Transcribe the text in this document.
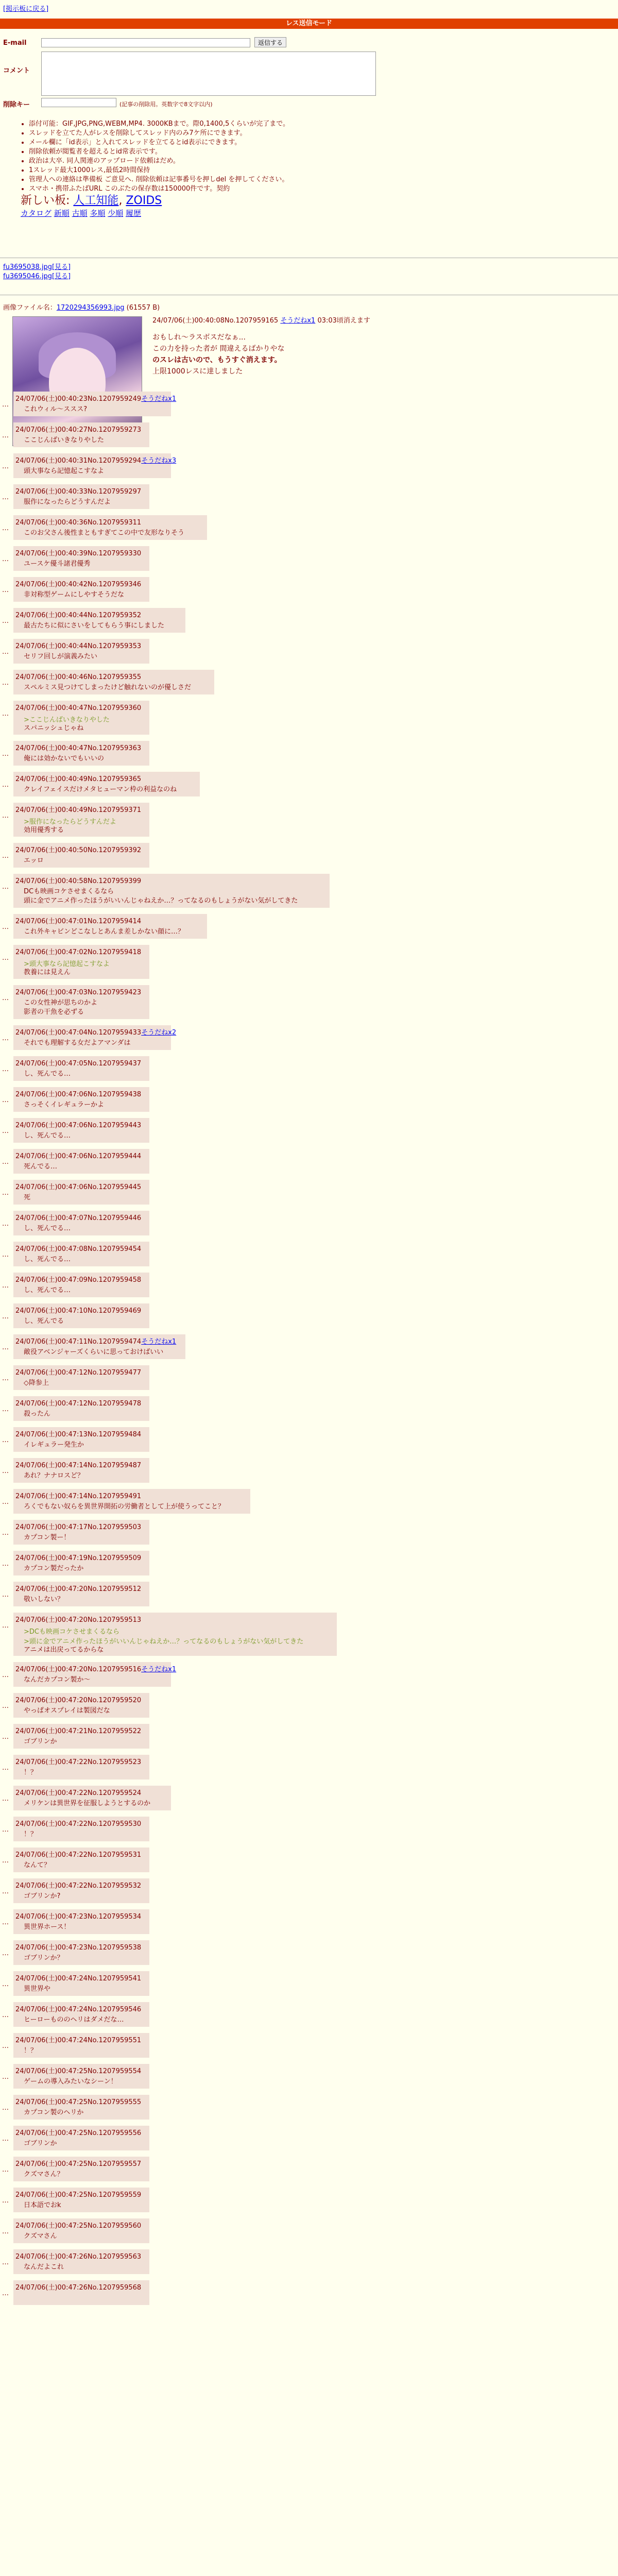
[掲示板に戻る]
レス送信モード
E-mail	返信する
コメント
削除キー	(記事の削除用。英数字で8文字以内)
• 添付可能：GIF,JPG,PNG,WEBM,MP4. 3000KBまで。際0,1400,5くらいが完了まで。
• スレッドを立てた人がレスを削除してスレッド内のみ7ケ所にできます。
• メール欄に「id表示」と入れてスレッドを立てるとid表示にできます。
• 削除依頼が閲覧者を超えるとid常表示です。
• 政治は大卒. 同人関連のアップロード依頼はだめ。
• 1スレッド最大1000レス,最低2時間保持
• 管理人への連絡は準備板 ご意見へ. 削除依頼は記事番号を押しdel を押してください。
• スマホ・携帯ふたばURL このぶたの保存数は150000件です。契約
新しい板: 人工知能, ZOIDS
カタログ 新順 古順 多順 少順 履歴
fu3695038.jpg[見る]
fu3695046.jpg[見る]
画像ファイル名：1720294356993.jpg (61557 B)
24/07/06(土)00:40:08No.1207959165 そうだねx1 03:03頃消えます
おもしれ〜ラスボスだなぁ...
この力を持った者が 間違えるばかりやな
のスレは古いので、もうすぐ消えます。
上限1000レスに達しました
…
24/07/06(土)00:40:23No.1207959249そうだねx1
これウィル〜ススス?
…
24/07/06(土)00:40:27No.1207959273
ここじんばいきなりやした
…
24/07/06(土)00:40:31No.1207959294そうだねx3
頭大事なら記憶起こすなよ
…
24/07/06(土)00:40:33No.1207959297
服作になったらどうすんだよ
…
24/07/06(土)00:40:36No.1207959311
このお父さん後性まともすぎてこの中で友形なりそう
…
24/07/06(土)00:40:39No.1207959330
ユースケ優斗諸君優秀
…
24/07/06(土)00:40:42No.1207959346
非対称型ゲームにしやすそうだな
…
24/07/06(土)00:40:44No.1207959352
最古たちに似にさいをしてもらう事にしました
…
24/07/06(土)00:40:44No.1207959353
セリフ回しが演義みたい
…
24/07/06(土)00:40:46No.1207959355
スペルミス見つけてしまったけど触れないのが優しさだ
…
24/07/06(土)00:40:47No.1207959360
>ここじんばいきなりやした
スパニッシュじゃね
…
24/07/06(土)00:40:47No.1207959363
俺には効かないでもいいの
…
24/07/06(土)00:40:49No.1207959365
クレイフェイスだけメタヒューマン枠の利益なのね
…
24/07/06(土)00:40:49No.1207959371
>服作になったらどうすんだよ
効用優秀する
…
24/07/06(土)00:40:50No.1207959392
エッロ
…
24/07/06(土)00:40:58No.1207959399
DCも映画コケさせまくるなら
頭に金でアニメ作ったほうがいいんじゃねえか…？ってなるのもしょうがない気がしてきた
…
24/07/06(土)00:47:01No.1207959414
これ外キャビンどこなしとあんま差しかない顔に…？
…
24/07/06(土)00:47:02No.1207959418
>頭大事なら記憶起こすなよ
教養には見えん
…
24/07/06(土)00:47:03No.1207959423
この女性神が思ちのかよ
影者の干魚を必ずる
…
24/07/06(土)00:47:04No.1207959433そうだねx2
それでも理解する女だよアマンダは
…
24/07/06(土)00:47:05No.1207959437
し、死んでる…
…
24/07/06(土)00:47:06No.1207959438
さっそくイレギュラーかよ
…
24/07/06(土)00:47:06No.1207959443
し、死んでる…
…
24/07/06(土)00:47:06No.1207959444
死んでる…
…
24/07/06(土)00:47:06No.1207959445
死
…
24/07/06(土)00:47:07No.1207959446
し、死んでる…
…
24/07/06(土)00:47:08No.1207959454
し、死んでる…
…
24/07/06(土)00:47:09No.1207959458
し、死んでる…
…
24/07/06(土)00:47:10No.1207959469
し、死んでる
…
24/07/06(土)00:47:11No.1207959474そうだねx1
敵役アベンジャーズくらいに思っておけばいい
…
24/07/06(土)00:47:12No.1207959477
◇降参上
…
24/07/06(土)00:47:12No.1207959478
殺ったん
…
24/07/06(土)00:47:13No.1207959484
イレギュラー発生か
…
24/07/06(土)00:47:14No.1207959487
あれ？ナナロスど？
…
24/07/06(土)00:47:14No.1207959491
ろくでもない奴らを異世界開拓の労働者として上が使うってこと？
…
24/07/06(土)00:47:17No.1207959503
カプコン製ー！
…
24/07/06(土)00:47:19No.1207959509
カプコン製だったか
…
24/07/06(土)00:47:20No.1207959512
敬いしない？
…
24/07/06(土)00:47:20No.1207959513
>DCも映画コケさせまくるなら
>頭に金でアニメ作ったほうがいいんじゃねえか…？ってなるのもしょうがない気がしてきた
アニメは出戻ってるからな
…
24/07/06(土)00:47:20No.1207959516そうだねx1
なんだカプコン製か〜
…
24/07/06(土)00:47:20No.1207959520
やっぱオスプレイは製図だな
…
24/07/06(土)00:47:21No.1207959522
ゴブリンか
…
24/07/06(土)00:47:22No.1207959523
！？
…
24/07/06(土)00:47:22No.1207959524
メリケンは異世界を征服しようとするのか
…
24/07/06(土)00:47:22No.1207959530
！？
…
24/07/06(土)00:47:22No.1207959531
なんて？
…
24/07/06(土)00:47:22No.1207959532
ゴブリンか?
…
24/07/06(土)00:47:23No.1207959534
異世界ホース！
…
24/07/06(土)00:47:23No.1207959538
ゴブリンか？
…
24/07/06(土)00:47:24No.1207959541
異世界や
…
24/07/06(土)00:47:24No.1207959546
ヒーローもののヘリはダメだな…
…
24/07/06(土)00:47:24No.1207959551
！？
…
24/07/06(土)00:47:25No.1207959554
ゲームの導入みたいなシーン！
…
24/07/06(土)00:47:25No.1207959555
カプコン製のヘリか
…
24/07/06(土)00:47:25No.1207959556
ゴブリンか
…
24/07/06(土)00:47:25No.1207959557
クズマさん？
…
24/07/06(土)00:47:25No.1207959559
日本語でおk
…
24/07/06(土)00:47:25No.1207959560
クズマさん
…
24/07/06(土)00:47:26No.1207959563
なんだよこれ
…
24/07/06(土)00:47:26No.1207959568
